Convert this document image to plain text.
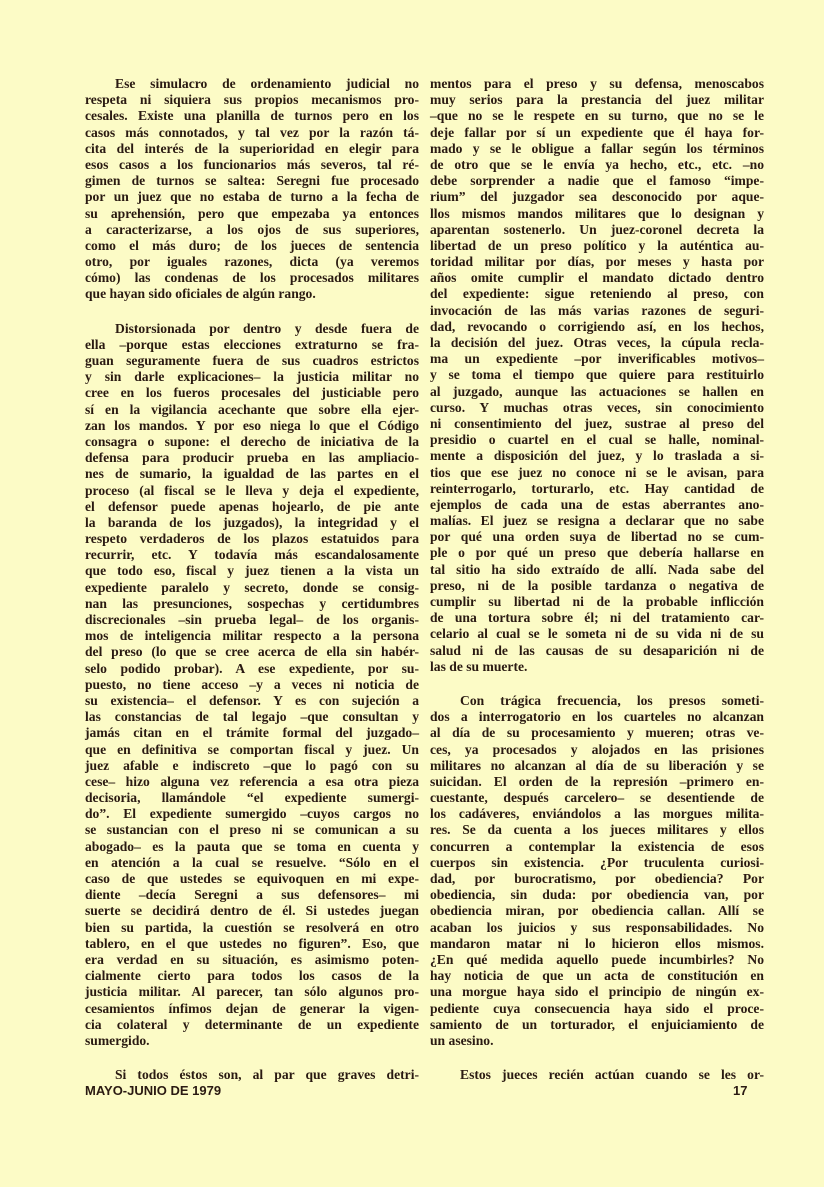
Ese simulacro de ordenamiento judicial no
respeta ni siquiera sus propios mecanismos pro-
cesales. Existe una planilla de turnos pero en los
casos más connotados, y tal vez por la razón tá-
cita del interés de la superioridad en elegir para
esos casos a los funcionarios más severos, tal ré-
gimen de turnos se saltea: Seregni fue procesado
por un juez que no estaba de turno a la fecha de
su aprehensión, pero que empezaba ya entonces
a caracterizarse, a los ojos de sus superiores,
como el más duro; de los jueces de sentencia
otro, por iguales razones, dicta (ya veremos
cómo) las condenas de los procesados militares
que hayan sido oficiales de algún rango.
Distorsionada por dentro y desde fuera de
ella –porque estas elecciones extraturno se fra-
guan seguramente fuera de sus cuadros estrictos
y sin darle explicaciones– la justicia militar no
cree en los fueros procesales del justiciable pero
sí en la vigilancia acechante que sobre ella ejer-
zan los mandos. Y por eso niega lo que el Código
consagra o supone: el derecho de iniciativa de la
defensa para producir prueba en las ampliacio-
nes de sumario, la igualdad de las partes en el
proceso (al fiscal se le lleva y deja el expediente,
el defensor puede apenas hojearlo, de pie ante
la baranda de los juzgados), la integridad y el
respeto verdaderos de los plazos estatuidos para
recurrir, etc. Y todavía más escandalosamente
que todo eso, fiscal y juez tienen a la vista un
expediente paralelo y secreto, donde se consig-
nan las presunciones, sospechas y certidumbres
discrecionales –sin prueba legal– de los organis-
mos de inteligencia militar respecto a la persona
del preso (lo que se cree acerca de ella sin habér-
selo podido probar). A ese expediente, por su-
puesto, no tiene acceso –y a veces ni noticia de
su existencia– el defensor. Y es con sujeción a
las constancias de tal legajo –que consultan y
jamás citan en el trámite formal del juzgado–
que en definitiva se comportan fiscal y juez. Un
juez afable e indiscreto –que lo pagó con su
cese– hizo alguna vez referencia a esa otra pieza
decisoria, llamándole “el expediente sumergi-
do”. El expediente sumergido –cuyos cargos no
se sustancian con el preso ni se comunican a su
abogado– es la pauta que se toma en cuenta y
en atención a la cual se resuelve. “Sólo en el
caso de que ustedes se equivoquen en mi expe-
diente –decía Seregni a sus defensores– mi
suerte se decidirá dentro de él. Si ustedes juegan
bien su partida, la cuestión se resolverá en otro
tablero, en el que ustedes no figuren”. Eso, que
era verdad en su situación, es asimismo poten-
cialmente cierto para todos los casos de la
justicia militar. Al parecer, tan sólo algunos pro-
cesamientos ínfimos dejan de generar la vigen-
cia colateral y determinante de un expediente
sumergido.
Si todos éstos son, al par que graves detri-
mentos para el preso y su defensa, menoscabos
muy serios para la prestancia del juez militar
–que no se le respete en su turno, que no se le
deje fallar por sí un expediente que él haya for-
mado y se le obligue a fallar según los términos
de otro que se le envía ya hecho, etc., etc. –no
debe sorprender a nadie que el famoso “impe-
rium” del juzgador sea desconocido por aque-
llos mismos mandos militares que lo designan y
aparentan sostenerlo. Un juez-coronel decreta la
libertad de un preso político y la auténtica au-
toridad militar por días, por meses y hasta por
años omite cumplir el mandato dictado dentro
del expediente: sigue reteniendo al preso, con
invocación de las más varias razones de seguri-
dad, revocando o corrigiendo así, en los hechos,
la decisión del juez. Otras veces, la cúpula recla-
ma un expediente –por inverificables motivos–
y se toma el tiempo que quiere para restituirlo
al juzgado, aunque las actuaciones se hallen en
curso. Y muchas otras veces, sin conocimiento
ni consentimiento del juez, sustrae al preso del
presidio o cuartel en el cual se halle, nominal-
mente a disposición del juez, y lo traslada a si-
tios que ese juez no conoce ni se le avisan, para
reinterrogarlo, torturarlo, etc. Hay cantidad de
ejemplos de cada una de estas aberrantes ano-
malías. El juez se resigna a declarar que no sabe
por qué una orden suya de libertad no se cum-
ple o por qué un preso que debería hallarse en
tal sitio ha sido extraído de allí. Nada sabe del
preso, ni de la posible tardanza o negativa de
cumplir su libertad ni de la probable inflicción
de una tortura sobre él; ni del tratamiento car-
celario al cual se le someta ni de su vida ni de su
salud ni de las causas de su desaparición ni de
las de su muerte.
Con trágica frecuencia, los presos someti-
dos a interrogatorio en los cuarteles no alcanzan
al día de su procesamiento y mueren; otras ve-
ces, ya procesados y alojados en las prisiones
militares no alcanzan al día de su liberación y se
suicidan. El orden de la represión –primero en-
cuestante, después carcelero– se desentiende de
los cadáveres, enviándolos a las morgues milita-
res. Se da cuenta a los jueces militares y ellos
concurren a contemplar la existencia de esos
cuerpos sin existencia. ¿Por truculenta curiosi-
dad, por burocratismo, por obediencia? Por
obediencia, sin duda: por obediencia van, por
obediencia miran, por obediencia callan. Allí se
acaban los juicios y sus responsabilidades. No
mandaron matar ni lo hicieron ellos mismos.
¿En qué medida aquello puede incumbirles? No
hay noticia de que un acta de constitución en
una morgue haya sido el principio de ningún ex-
pediente cuya consecuencia haya sido el proce-
samiento de un torturador, el enjuiciamiento de
un asesino.
Estos jueces recién actúan cuando se les or-
MAYO-JUNIO DE 1979	17
